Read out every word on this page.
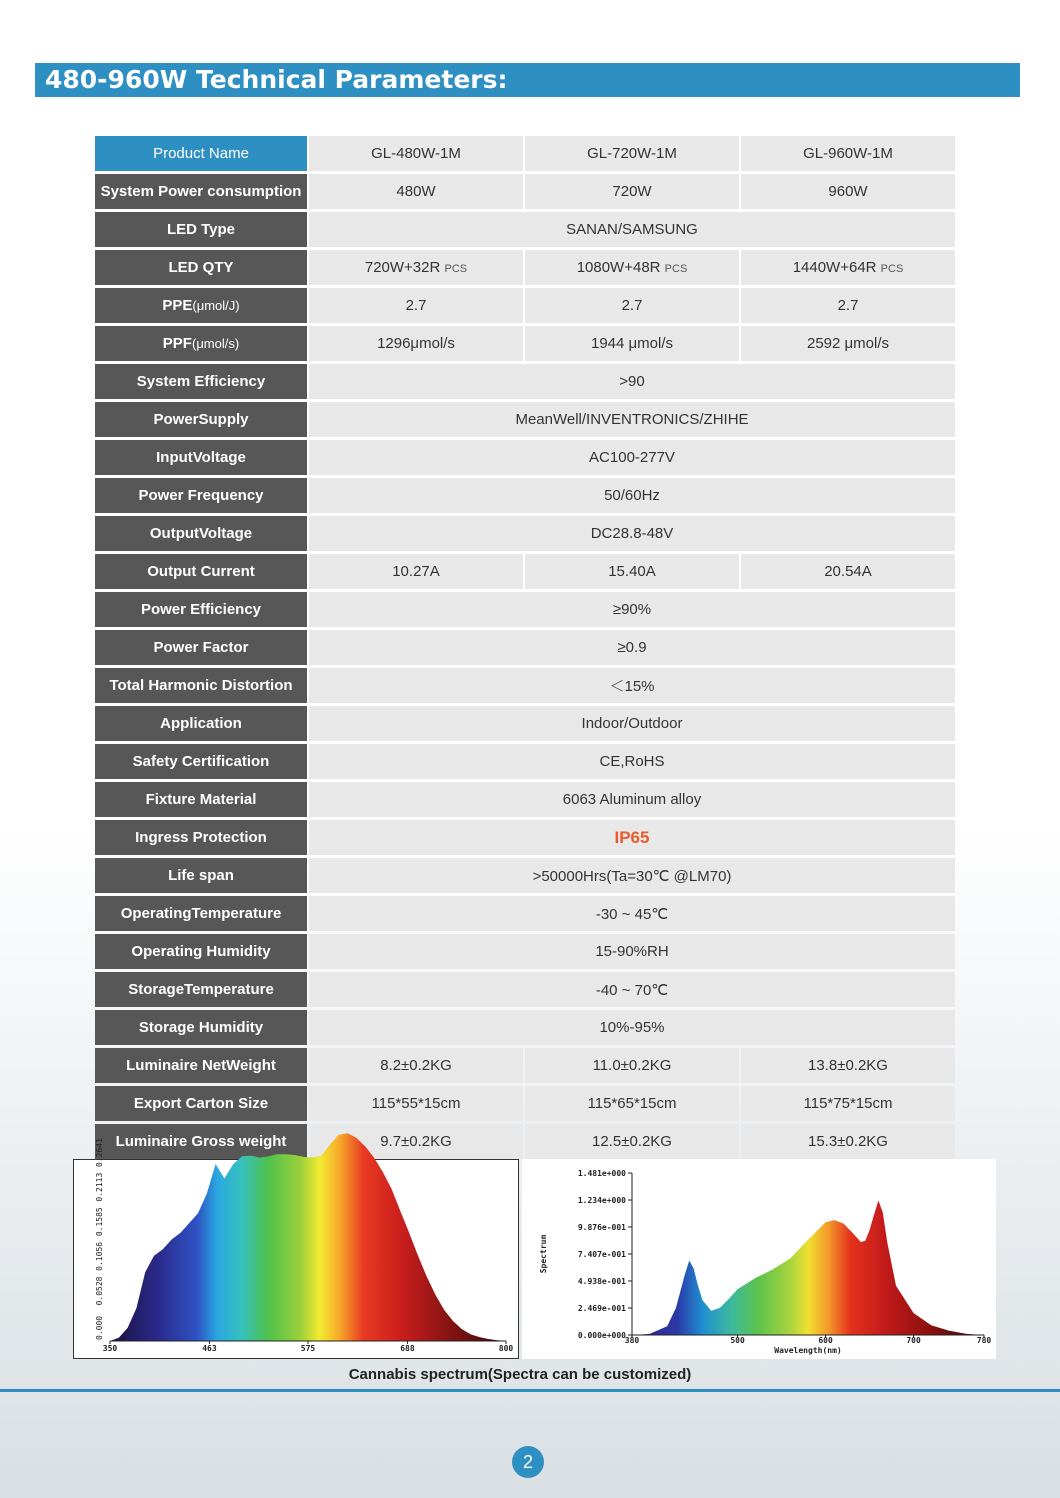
480-960W Technical Parameters:
Product Name	GL-480W-1M	GL-720W-1M	GL-960W-1M
System Power consumption	480W	720W	960W
LED Type	SANAN/SAMSUNG		
LED QTY	720W+32R PCS	1080W+48R PCS	1440W+64R PCS
PPE(μmol/J)	2.7	2.7	2.7
PPF(μmol/s)	1296μmol/s	1944 μmol/s	2592 μmol/s
System Efficiency	>90		
PowerSupply	MeanWell/INVENTRONICS/ZHIHE		
InputVoltage	AC100-277V		
Power Frequency	50/60Hz		
OutputVoltage	DC28.8-48V		
Output Current	10.27A	15.40A	20.54A
Power Efficiency	≥90%		
Power Factor	≥0.9		
Total Harmonic Distortion	＜15%		
Application	Indoor/Outdoor		
Safety Certification	CE,RoHS		
Fixture Material	6063 Aluminum alloy		
Ingress Protection	IP65		
Life span	>50000Hrs(Ta=30℃ @LM70)		
OperatingTemperature	-30 ~ 45℃		
Operating Humidity	15-90%RH		
StorageTemperature	-40 ~ 70℃		
Storage Humidity	10%-95%		
Luminaire NetWeight	8.2±0.2KG	11.0±0.2KG	13.8±0.2KG
Export Carton Size	115*55*15cm	115*65*15cm	115*75*15cm
Luminaire Gross weight	9.7±0.2KG	12.5±0.2KG	15.3±0.2KG
350	463	575	688	800
0.000
0.0528
0.1056
0.1585
0.2113
0.2641
380	500	600	700	780
0.000e+000
2.469e-001
4.938e-001
7.407e-001
9.876e-001
1.234e+000
1.481e+000
Wavelength(nm)
Spectrum
Cannabis spectrum(Spectra can be customized)
2
